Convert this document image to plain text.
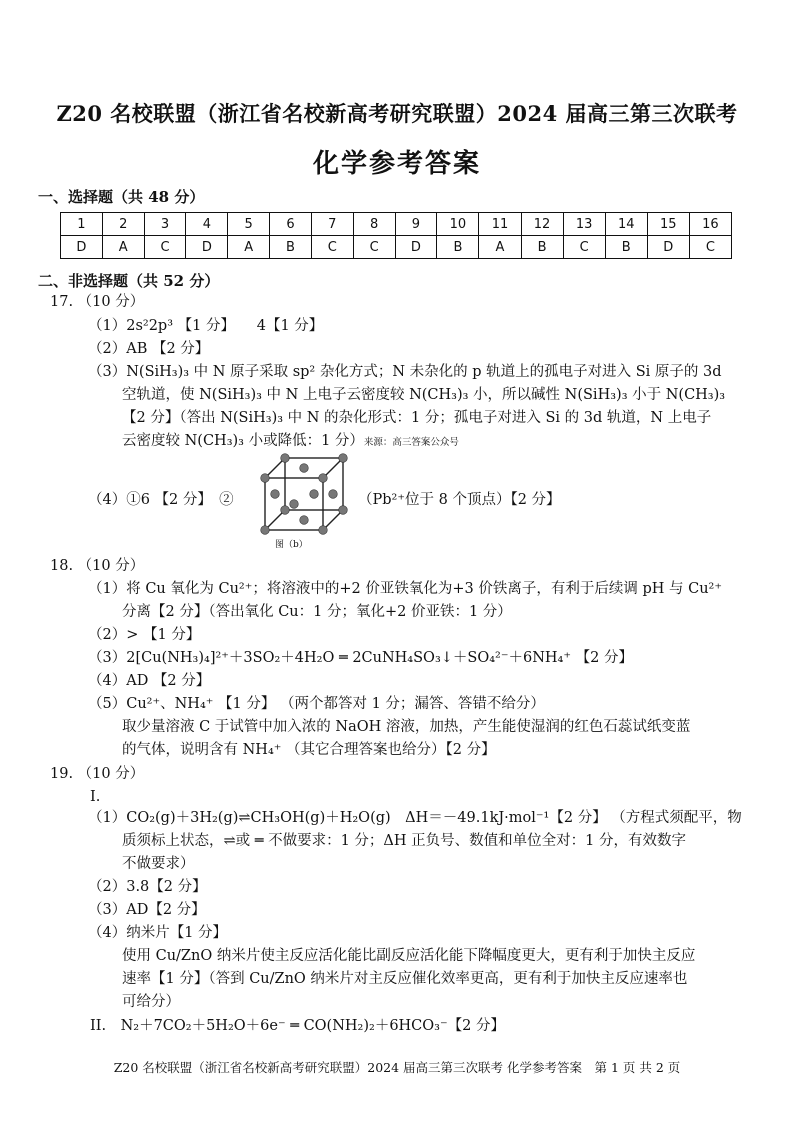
Z20 名校联盟（浙江省名校新高考研究联盟）2024 届高三第三次联考
化学参考答案
一、选择题（共 48 分）
1	2	3	4	5	6	7	8	9	10	11	12	13	14	15	16
D	A	C	D	A	B	C	C	D	B	A	B	C	B	D	C
二、非选择题（共 52 分）
17. （10 分）
（1）2s²2p³ 【1 分】　　4【1 分】
（2）AB 【2 分】
（3）N(SiH₃)₃ 中 N 原子采取 sp² 杂化方式；N 未杂化的 p 轨道上的孤电子对进入 Si 原子的 3d
空轨道，使 N(SiH₃)₃ 中 N 上电子云密度较 N(CH₃)₃ 小，所以碱性 N(SiH₃)₃ 小于 N(CH₃)₃
【2 分】（答出 N(SiH₃)₃ 中 N 的杂化形式：1 分；孤电子对进入 Si 的 3d 轨道，N 上电子
云密度较 N(CH₃)₃ 小或降低：1 分）来源：高三答案公众号
（4）①6 【2 分】　②
图（b）
（Pb²⁺位于 8 个顶点）【2 分】
18. （10 分）
（1）将 Cu 氧化为 Cu²⁺；将溶液中的+2 价亚铁氧化为+3 价铁离子，有利于后续调 pH 与 Cu²⁺
分离【2 分】（答出氧化 Cu：1 分；氧化+2 价亚铁：1 分）
（2）> 【1 分】
（3）2[Cu(NH₃)₄]²⁺＋3SO₂＋4H₂O ═ 2CuNH₄SO₃↓＋SO₄²⁻＋6NH₄⁺ 【2 分】
（4）AD 【2 分】
（5）Cu²⁺、NH₄⁺ 【1 分】 （两个都答对 1 分；漏答、答错不给分）
取少量溶液 C 于试管中加入浓的 NaOH 溶液，加热，产生能使湿润的红色石蕊试纸变蓝
的气体，说明含有 NH₄⁺ （其它合理答案也给分）【2 分】
19. （10 分）
I.
（1）CO₂(g)＋3H₂(g)⇌CH₃OH(g)＋H₂O(g)　ΔH＝－49.1kJ·mol⁻¹【2 分】 （方程式须配平，物
质须标上状态，⇌或 ═ 不做要求：1 分；ΔH 正负号、数值和单位全对：1 分，有效数字
不做要求）
（2）3.8【2 分】
（3）AD【2 分】
（4）纳米片【1 分】
使用 Cu/ZnO 纳米片使主反应活化能比副反应活化能下降幅度更大，更有利于加快主反应
速率【1 分】（答到 Cu/ZnO 纳米片对主反应催化效率更高，更有利于加快主反应速率也
可给分）
II.　N₂＋7CO₂＋5H₂O＋6e⁻ ═ CO(NH₂)₂＋6HCO₃⁻【2 分】
Z20 名校联盟（浙江省名校新高考研究联盟）2024 届高三第三次联考 化学参考答案　第 1 页 共 2 页
